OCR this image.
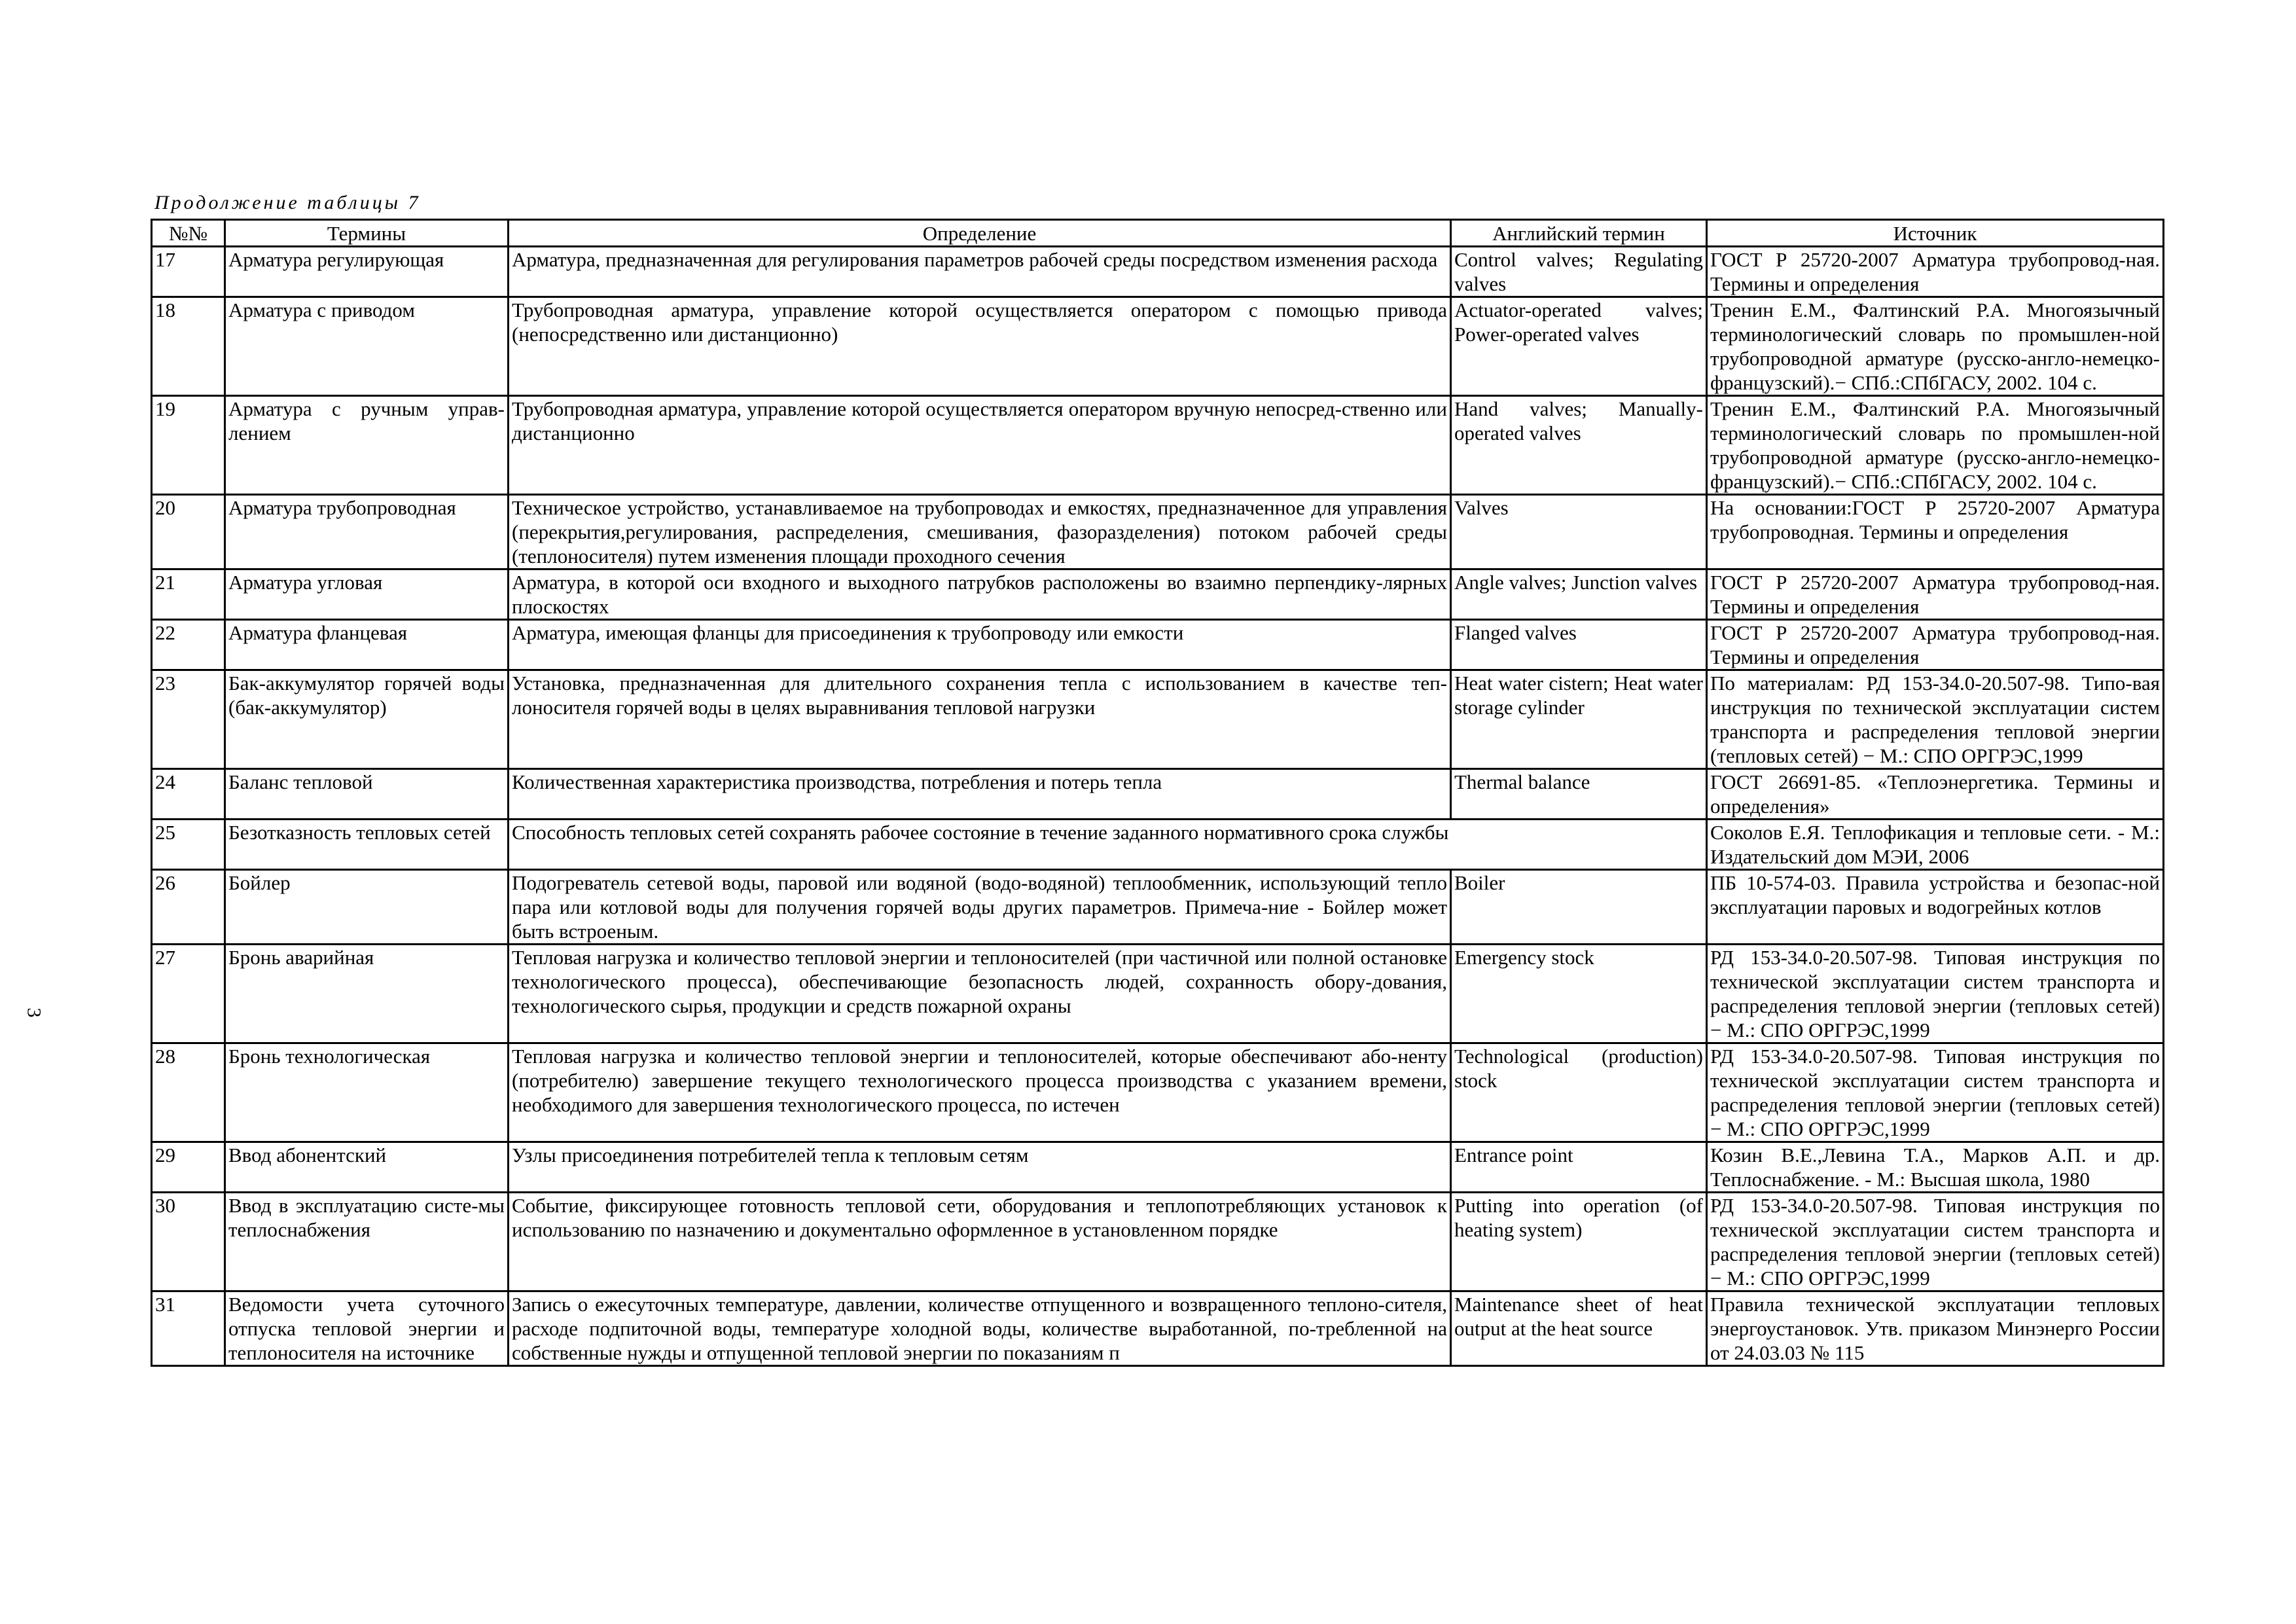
3
Продолжение таблицы 7
№№	Термины	Определение	Английский термин	Источник
17	Арматура регулирующая	Арматура, предназначенная для регулирования параметров рабочей среды посредством изменения расхода	Control valves; Regulating valves	ГОСТ Р 25720-2007 Арматура трубопровод-ная. Термины и определения
18	Арматура с приводом	Трубопроводная арматура, управление которой осуществляется оператором с помощью привода (непосредственно или дистанционно)	Actuator-operated valves; Power-operated valves	Тренин Е.М., Фалтинский Р.А. Многоязычный терминологический словарь по промышлен-ной трубопроводной арматуре (русско-англо-немецко-французский).− СПб.:СПбГАСУ, 2002. 104 с.
19	Арматура с ручным управ-лением	Трубопроводная арматура, управление которой осуществляется оператором вручную непосред-ственно или дистанционно	Hand valves; Manually-operated valves	Тренин Е.М., Фалтинский Р.А. Многоязычный терминологический словарь по промышлен-ной трубопроводной арматуре (русско-англо-немецко-французский).− СПб.:СПбГАСУ, 2002. 104 с.
20	Арматура трубопроводная	Техническое устройство, устанавливаемое на трубопроводах и емкостях, предназначенное для управления (перекрытия,регулирования, распределения, смешивания, фазоразделения) потоком рабочей среды (теплоносителя) путем изменения площади проходного сечения	Valves	На основании:ГОСТ Р 25720-2007 Арматура трубопроводная. Термины и определения
21	Арматура угловая	Арматура, в которой оси входного и выходного патрубков расположены во взаимно перпендику-лярных плоскостях	Angle valves; Junction valves	ГОСТ Р 25720-2007 Арматура трубопровод-ная. Термины и определения
22	Арматура фланцевая	Арматура, имеющая фланцы для присоединения к трубопроводу или емкости	Flanged valves	ГОСТ Р 25720-2007 Арматура трубопровод-ная. Термины и определения
23	Бак-аккумулятор горячей воды (бак-аккумулятор)	Установка, предназначенная для длительного сохранения тепла с использованием в качестве теп-лоносителя горячей воды в целях выравнивания тепловой нагрузки	Heat water cistern; Heat water storage cylinder	По материалам: РД 153-34.0-20.507-98. Типо-вая инструкция по технической эксплуатации систем транспорта и распределения тепловой энергии (тепловых сетей) − М.: СПО ОРГРЭС,1999
24	Баланс тепловой	Количественная характеристика производства, потребления и потерь тепла	Thermal balance	ГОСТ 26691-85. «Теплоэнергетика. Термины и определения»
25	Безотказность тепловых сетей	Способность тепловых сетей сохранять рабочее состояние в течение заданного нормативного срока службы		Соколов Е.Я. Теплофикация и тепловые сети. - М.: Издательский дом МЭИ, 2006
26	Бойлер	Подогреватель сетевой воды, паровой или водяной (водо-водяной) теплообменник, использующий тепло пара или котловой воды для получения горячей воды других параметров. Примеча-ние - Бойлер может быть встроеным.	Boiler	ПБ 10-574-03. Правила устройства и безопас-ной эксплуатации паровых и водогрейных котлов
27	Бронь аварийная	Тепловая нагрузка и количество тепловой энергии и теплоносителей (при частичной или полной остановке технологического процесса), обеспечивающие безопасность людей, сохранность обору-дования, технологического сырья, продукции и средств пожарной охраны	Emergency stock	РД 153-34.0-20.507-98. Типовая инструкция по технической эксплуатации систем транспорта и распределения тепловой энергии (тепловых сетей) − М.: СПО ОРГРЭС,1999
28	Бронь технологическая	Тепловая нагрузка и количество тепловой энергии и теплоносителей, которые обеспечивают або-ненту (потребителю) завершение текущего технологического процесса производства с указанием времени, необходимого для завершения технологического процесса, по истечен	Technological (production) stock	РД 153-34.0-20.507-98. Типовая инструкция по технической эксплуатации систем транспорта и распределения тепловой энергии (тепловых сетей) − М.: СПО ОРГРЭС,1999
29	Ввод абонентский	Узлы присоединения потребителей тепла к тепловым сетям	Entrance point	Козин В.Е.,Левина Т.А., Марков А.П. и др. Теплоснабжение. - М.: Высшая школа, 1980
30	Ввод в эксплуатацию систе-мы теплоснабжения	Событие, фиксирующее готовность тепловой сети, оборудования и теплопотребляющих установок к использованию по назначению и документально оформленное в установленном порядке	Putting into operation (of heating system)	РД 153-34.0-20.507-98. Типовая инструкция по технической эксплуатации систем транспорта и распределения тепловой энергии (тепловых сетей) − М.: СПО ОРГРЭС,1999
31	Ведомости учета суточного отпуска тепловой энергии и теплоносителя на источнике	Запись о ежесуточных температуре, давлении, количестве отпущенного и возвращенного теплоно-сителя, расходе подпиточной воды, температуре холодной воды, количестве выработанной, по-требленной на собственные нужды и отпущенной тепловой энергии по показаниям п	Maintenance sheet of heat output at the heat source	Правила технической эксплуатации тепловых энергоустановок. Утв. приказом Минэнерго России от 24.03.03 № 115
